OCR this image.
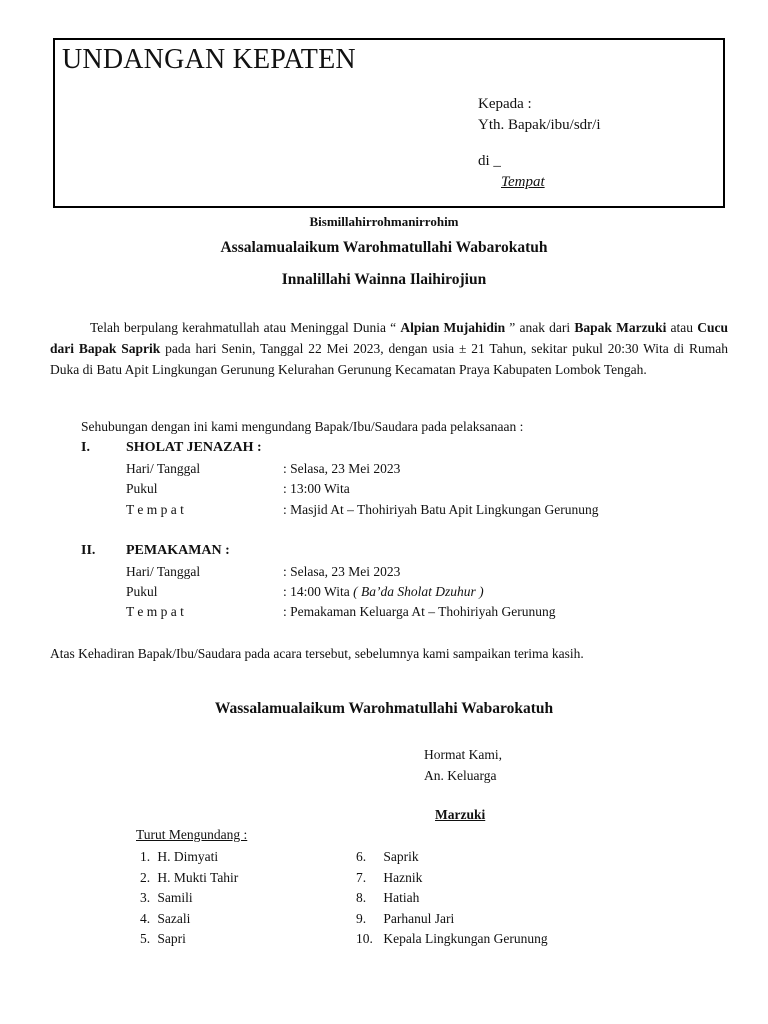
UNDANGAN KEPATEN
Kepada :
Yth. Bapak/ibu/sdr/i
di _
Tempat
Bismillahirrohmanirrohim
Assalamualaikum Warohmatullahi Wabarokatuh
Innalillahi Wainna Ilaihirojiun
Telah berpulang kerahmatullah atau Meninggal Dunia “ Alpian Mujahidin ” anak dari Bapak Marzuki atau Cucu dari Bapak Saprik pada hari Senin, Tanggal 22 Mei 2023, dengan usia ± 21 Tahun, sekitar pukul 20:30 Wita di Rumah Duka di Batu Apit Lingkungan Gerunung Kelurahan Gerunung Kecamatan Praya Kabupaten Lombok Tengah.
Sehubungan dengan ini kami mengundang Bapak/Ibu/Saudara pada pelaksanaan :
I.	SHOLAT JENAZAH :
Hari/ Tanggal	: Selasa, 23 Mei 2023
Pukul	: 13:00 Wita
T e m p a t	: Masjid At – Thohiriyah Batu Apit Lingkungan Gerunung
II. PEMAKAMAN :
Hari/ Tanggal	: Selasa, 23 Mei 2023
Pukul	: 14:00 Wita ( Ba’da Sholat Dzuhur )
T e m p a t	: Pemakaman Keluarga At – Thohiriyah Gerunung
Atas Kehadiran Bapak/Ibu/Saudara pada acara tersebut, sebelumnya kami sampaikan terima kasih.
Wassalamualaikum Warohmatullahi Wabarokatuh
Hormat Kami,
An. Keluarga
Marzuki
Turut Mengundang :
1. H. Dimyati
2. H. Mukti Tahir
3. Samili
4. Sazali
5. Sapri
6. Saprik
7. Haznik
8. Hatiah
9. Parhanul Jari
10. Kepala Lingkungan Gerunung
